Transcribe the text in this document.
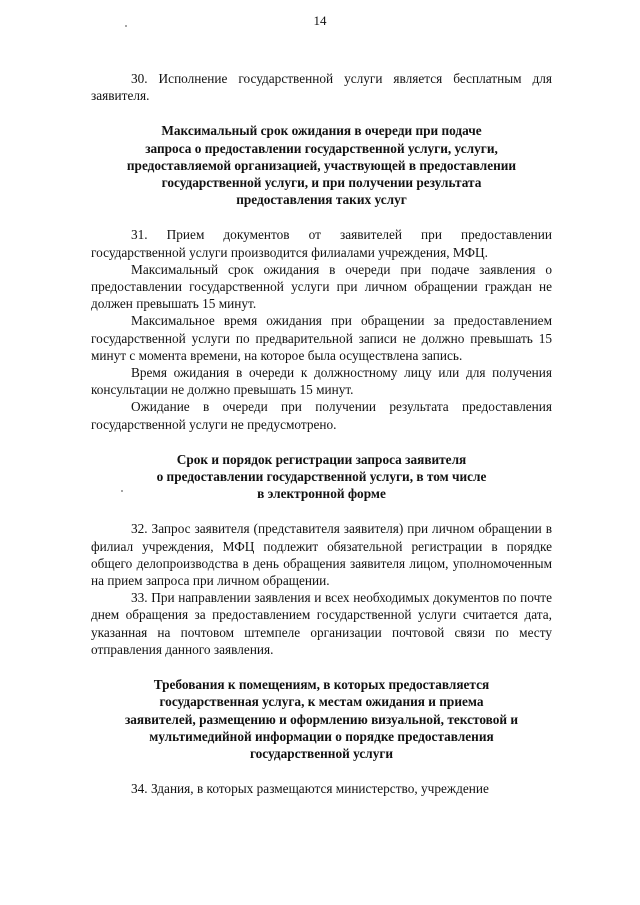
14

30. Исполнение государственной услуги является бесплатным для заявителя.

Максимальный срок ожидания в очереди при подаче
запроса о предоставлении государственной услуги, услуги,
предоставляемой организацией, участвующей в предоставлении
государственной услуги, и при получении результата
предоставления таких услуг

31. Прием документов от заявителей при предоставлении государственной услуги производится филиалами учреждения, МФЦ.

Максимальный срок ожидания в очереди при подаче заявления о предоставлении государственной услуги при личном обращении граждан не должен превышать 15 минут.

Максимальное время ожидания при обращении за предоставлением государственной услуги по предварительной записи не должно превышать 15 минут с момента времени, на которое была осуществлена запись.

Время ожидания в очереди к должностному лицу или для получения консультации не должно превышать 15 минут.

Ожидание в очереди при получении результата предоставления государственной услуги не предусмотрено.

Срок и порядок регистрации запроса заявителя
о предоставлении государственной услуги, в том числе
в электронной форме

32. Запрос заявителя (представителя заявителя) при личном обращении в филиал учреждения, МФЦ подлежит обязательной регистрации в порядке общего делопроизводства в день обращения заявителя лицом, уполномоченным на прием запроса при личном обращении.

33. При направлении заявления и всех необходимых документов по почте днем обращения за предоставлением государственной услуги считается дата, указанная на почтовом штемпеле организации почтовой связи по месту отправления данного заявления.

Требования к помещениям, в которых предоставляется
государственная услуга, к местам ожидания и приема
заявителей, размещению и оформлению визуальной, текстовой и
мультимедийной информации о порядке предоставления
государственной услуги

34. Здания, в которых размещаются министерство, учреждение
